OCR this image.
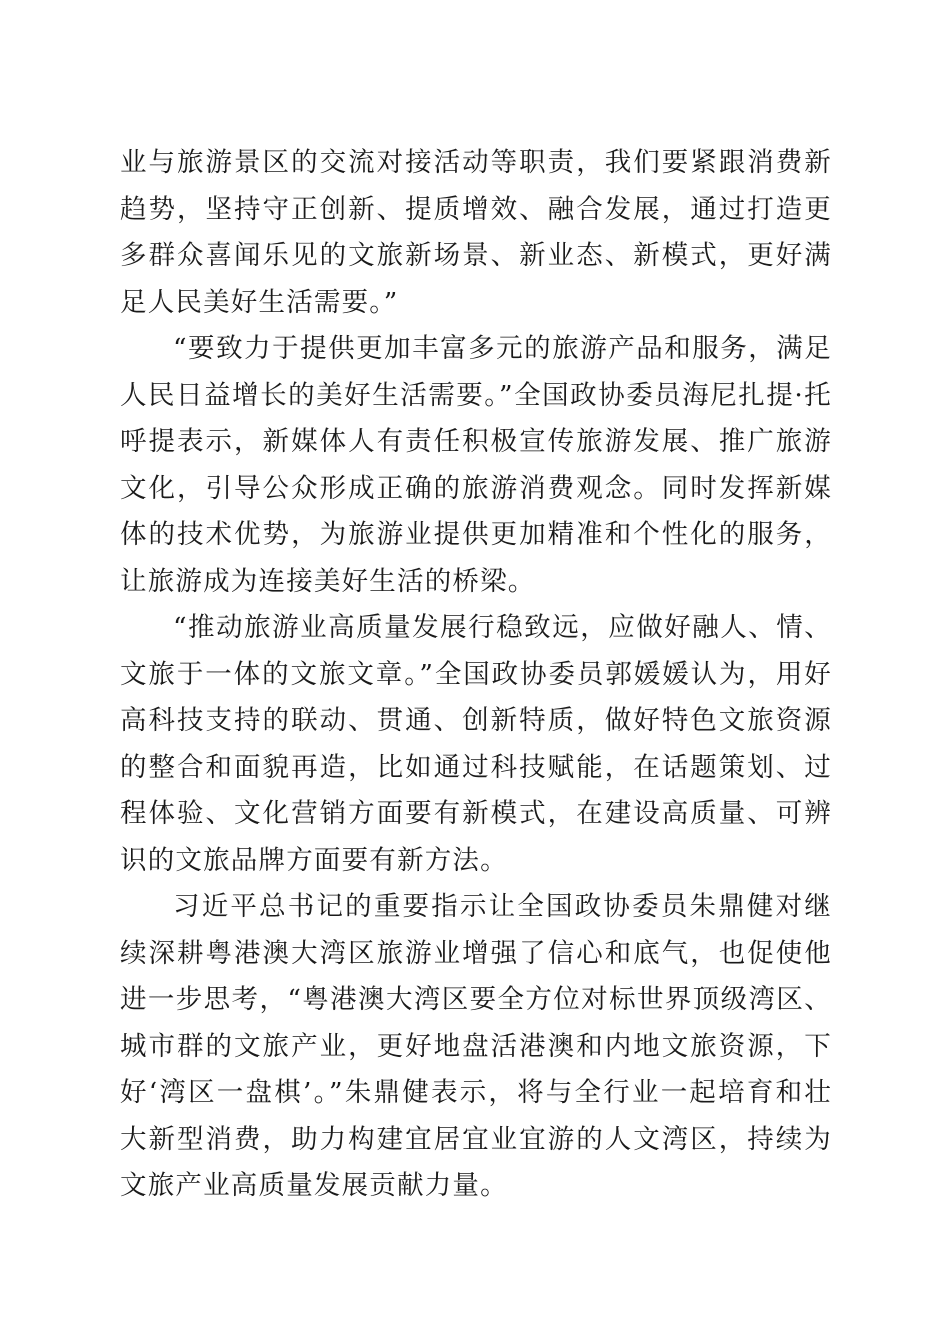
业与旅游景区的交流对接活动等职责，我们要紧跟消费新趋势，坚持守正创新、提质增效、融合发展，通过打造更多群众喜闻乐见的文旅新场景、新业态、新模式，更好满足人民美好生活需要。”

“要致力于提供更加丰富多元的旅游产品和服务，满足人民日益增长的美好生活需要。”全国政协委员海尼扎提·托呼提表示，新媒体人有责任积极宣传旅游发展、推广旅游文化，引导公众形成正确的旅游消费观念。同时发挥新媒体的技术优势，为旅游业提供更加精准和个性化的服务，让旅游成为连接美好生活的桥梁。

“推动旅游业高质量发展行稳致远，应做好融人、情、文旅于一体的文旅文章。”全国政协委员郭媛媛认为，用好高科技支持的联动、贯通、创新特质，做好特色文旅资源的整合和面貌再造，比如通过科技赋能，在话题策划、过程体验、文化营销方面要有新模式，在建设高质量、可辨识的文旅品牌方面要有新方法。

习近平总书记的重要指示让全国政协委员朱鼎健对继续深耕粤港澳大湾区旅游业增强了信心和底气，也促使他进一步思考，“粤港澳大湾区要全方位对标世界顶级湾区、城市群的文旅产业，更好地盘活港澳和内地文旅资源，下好‘湾区一盘棋’。”朱鼎健表示，将与全行业一起培育和壮大新型消费，助力构建宜居宜业宜游的人文湾区，持续为文旅产业高质量发展贡献力量。
